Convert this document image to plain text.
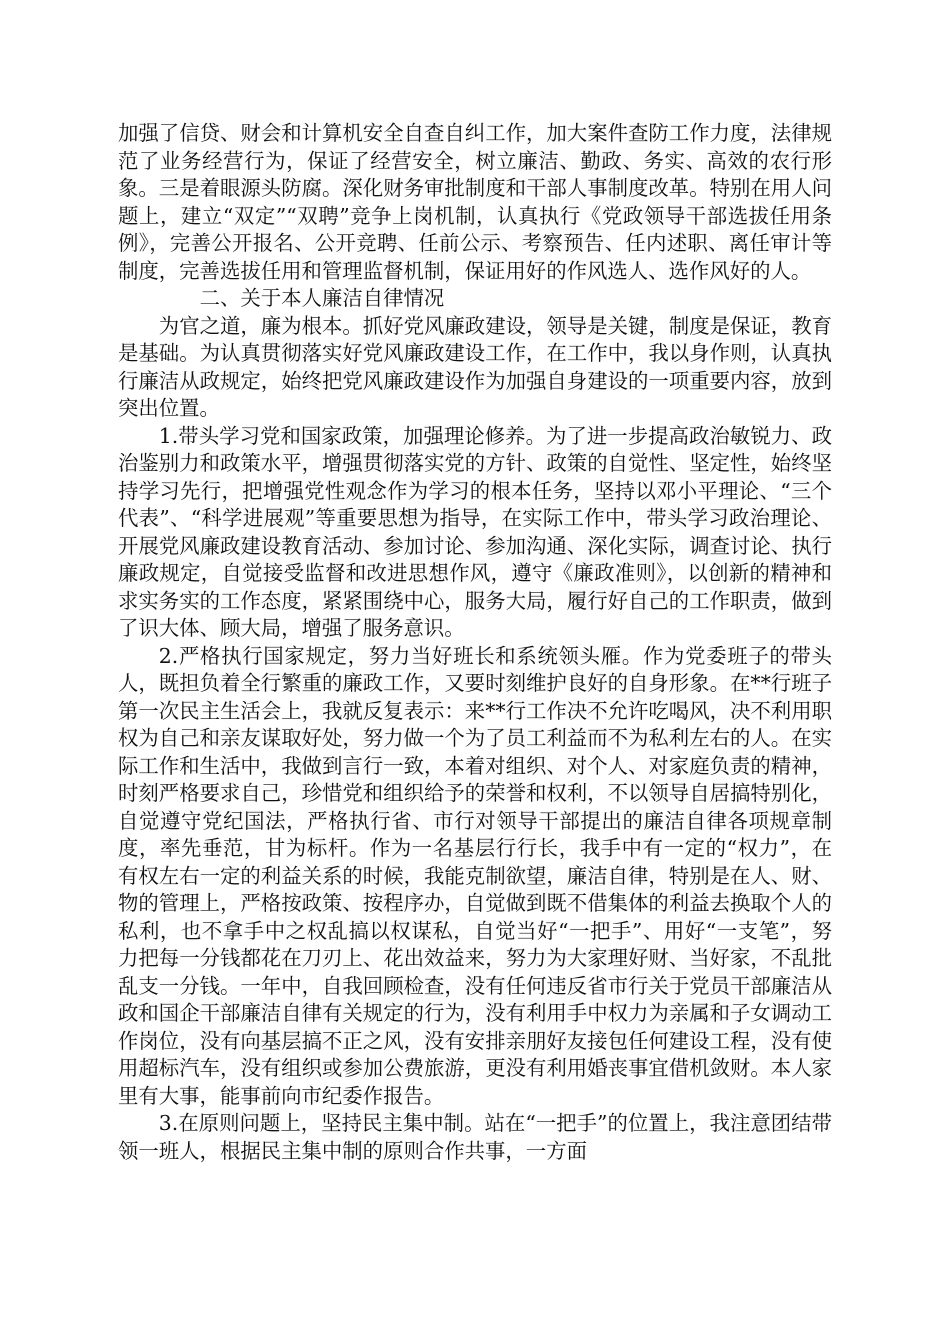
加强了信贷、财会和计算机安全自查自纠工作，加大案件查防工作力度，法律规范了业务经营行为，保证了经营安全，树立廉洁、勤政、务实、高效的农行形象。三是着眼源头防腐。深化财务审批制度和干部人事制度改革。特别在用人问题上，建立“双定”“双聘”竞争上岗机制，认真执行《党政领导干部选拔任用条例》，完善公开报名、公开竞聘、任前公示、考察预告、任内述职、离任审计等制度，完善选拔任用和管理监督机制，保证用好的作风选人、选作风好的人。

二、关于本人廉洁自律情况

为官之道，廉为根本。抓好党风廉政建设，领导是关键，制度是保证，教育是基础。为认真贯彻落实好党风廉政建设工作，在工作中，我以身作则，认真执行廉洁从政规定，始终把党风廉政建设作为加强自身建设的一项重要内容，放到突出位置。

1.带头学习党和国家政策，加强理论修养。为了进一步提高政治敏锐力、政治鉴别力和政策水平，增强贯彻落实党的方针、政策的自觉性、坚定性，始终坚持学习先行，把增强党性观念作为学习的根本任务，坚持以邓小平理论、“三个代表”、“科学进展观”等重要思想为指导，在实际工作中，带头学习政治理论、开展党风廉政建设教育活动、参加讨论、参加沟通、深化实际，调查讨论、执行廉政规定，自觉接受监督和改进思想作风，遵守《廉政准则》，以创新的精神和求实务实的工作态度，紧紧围绕中心，服务大局，履行好自己的工作职责，做到了识大体、顾大局，增强了服务意识。

2.严格执行国家规定，努力当好班长和系统领头雁。作为党委班子的带头人，既担负着全行繁重的廉政工作，又要时刻维护良好的自身形象。在**行班子第一次民主生活会上，我就反复表示：来**行工作决不允许吃喝风，决不利用职权为自己和亲友谋取好处，努力做一个为了员工利益而不为私利左右的人。在实际工作和生活中，我做到言行一致，本着对组织、对个人、对家庭负责的精神，时刻严格要求自己，珍惜党和组织给予的荣誉和权利，不以领导自居搞特别化，自觉遵守党纪国法，严格执行省、市行对领导干部提出的廉洁自律各项规章制度，率先垂范，甘为标杆。作为一名基层行行长，我手中有一定的“权力”，在有权左右一定的利益关系的时候，我能克制欲望，廉洁自律，特别是在人、财、物的管理上，严格按政策、按程序办，自觉做到既不借集体的利益去换取个人的私利，也不拿手中之权乱搞以权谋私，自觉当好“一把手”、用好“一支笔”，努力把每一分钱都花在刀刃上、花出效益来，努力为大家理好财、当好家，不乱批乱支一分钱。一年中，自我回顾检查，没有任何违反省市行关于党员干部廉洁从政和国企干部廉洁自律有关规定的行为，没有利用手中权力为亲属和子女调动工作岗位，没有向基层搞不正之风，没有安排亲朋好友接包任何建设工程，没有使用超标汽车，没有组织或参加公费旅游，更没有利用婚丧事宜借机敛财。本人家里有大事，能事前向市纪委作报告。

3.在原则问题上，坚持民主集中制。站在“一把手”的位置上，我注意团结带领一班人，根据民主集中制的原则合作共事，一方面
